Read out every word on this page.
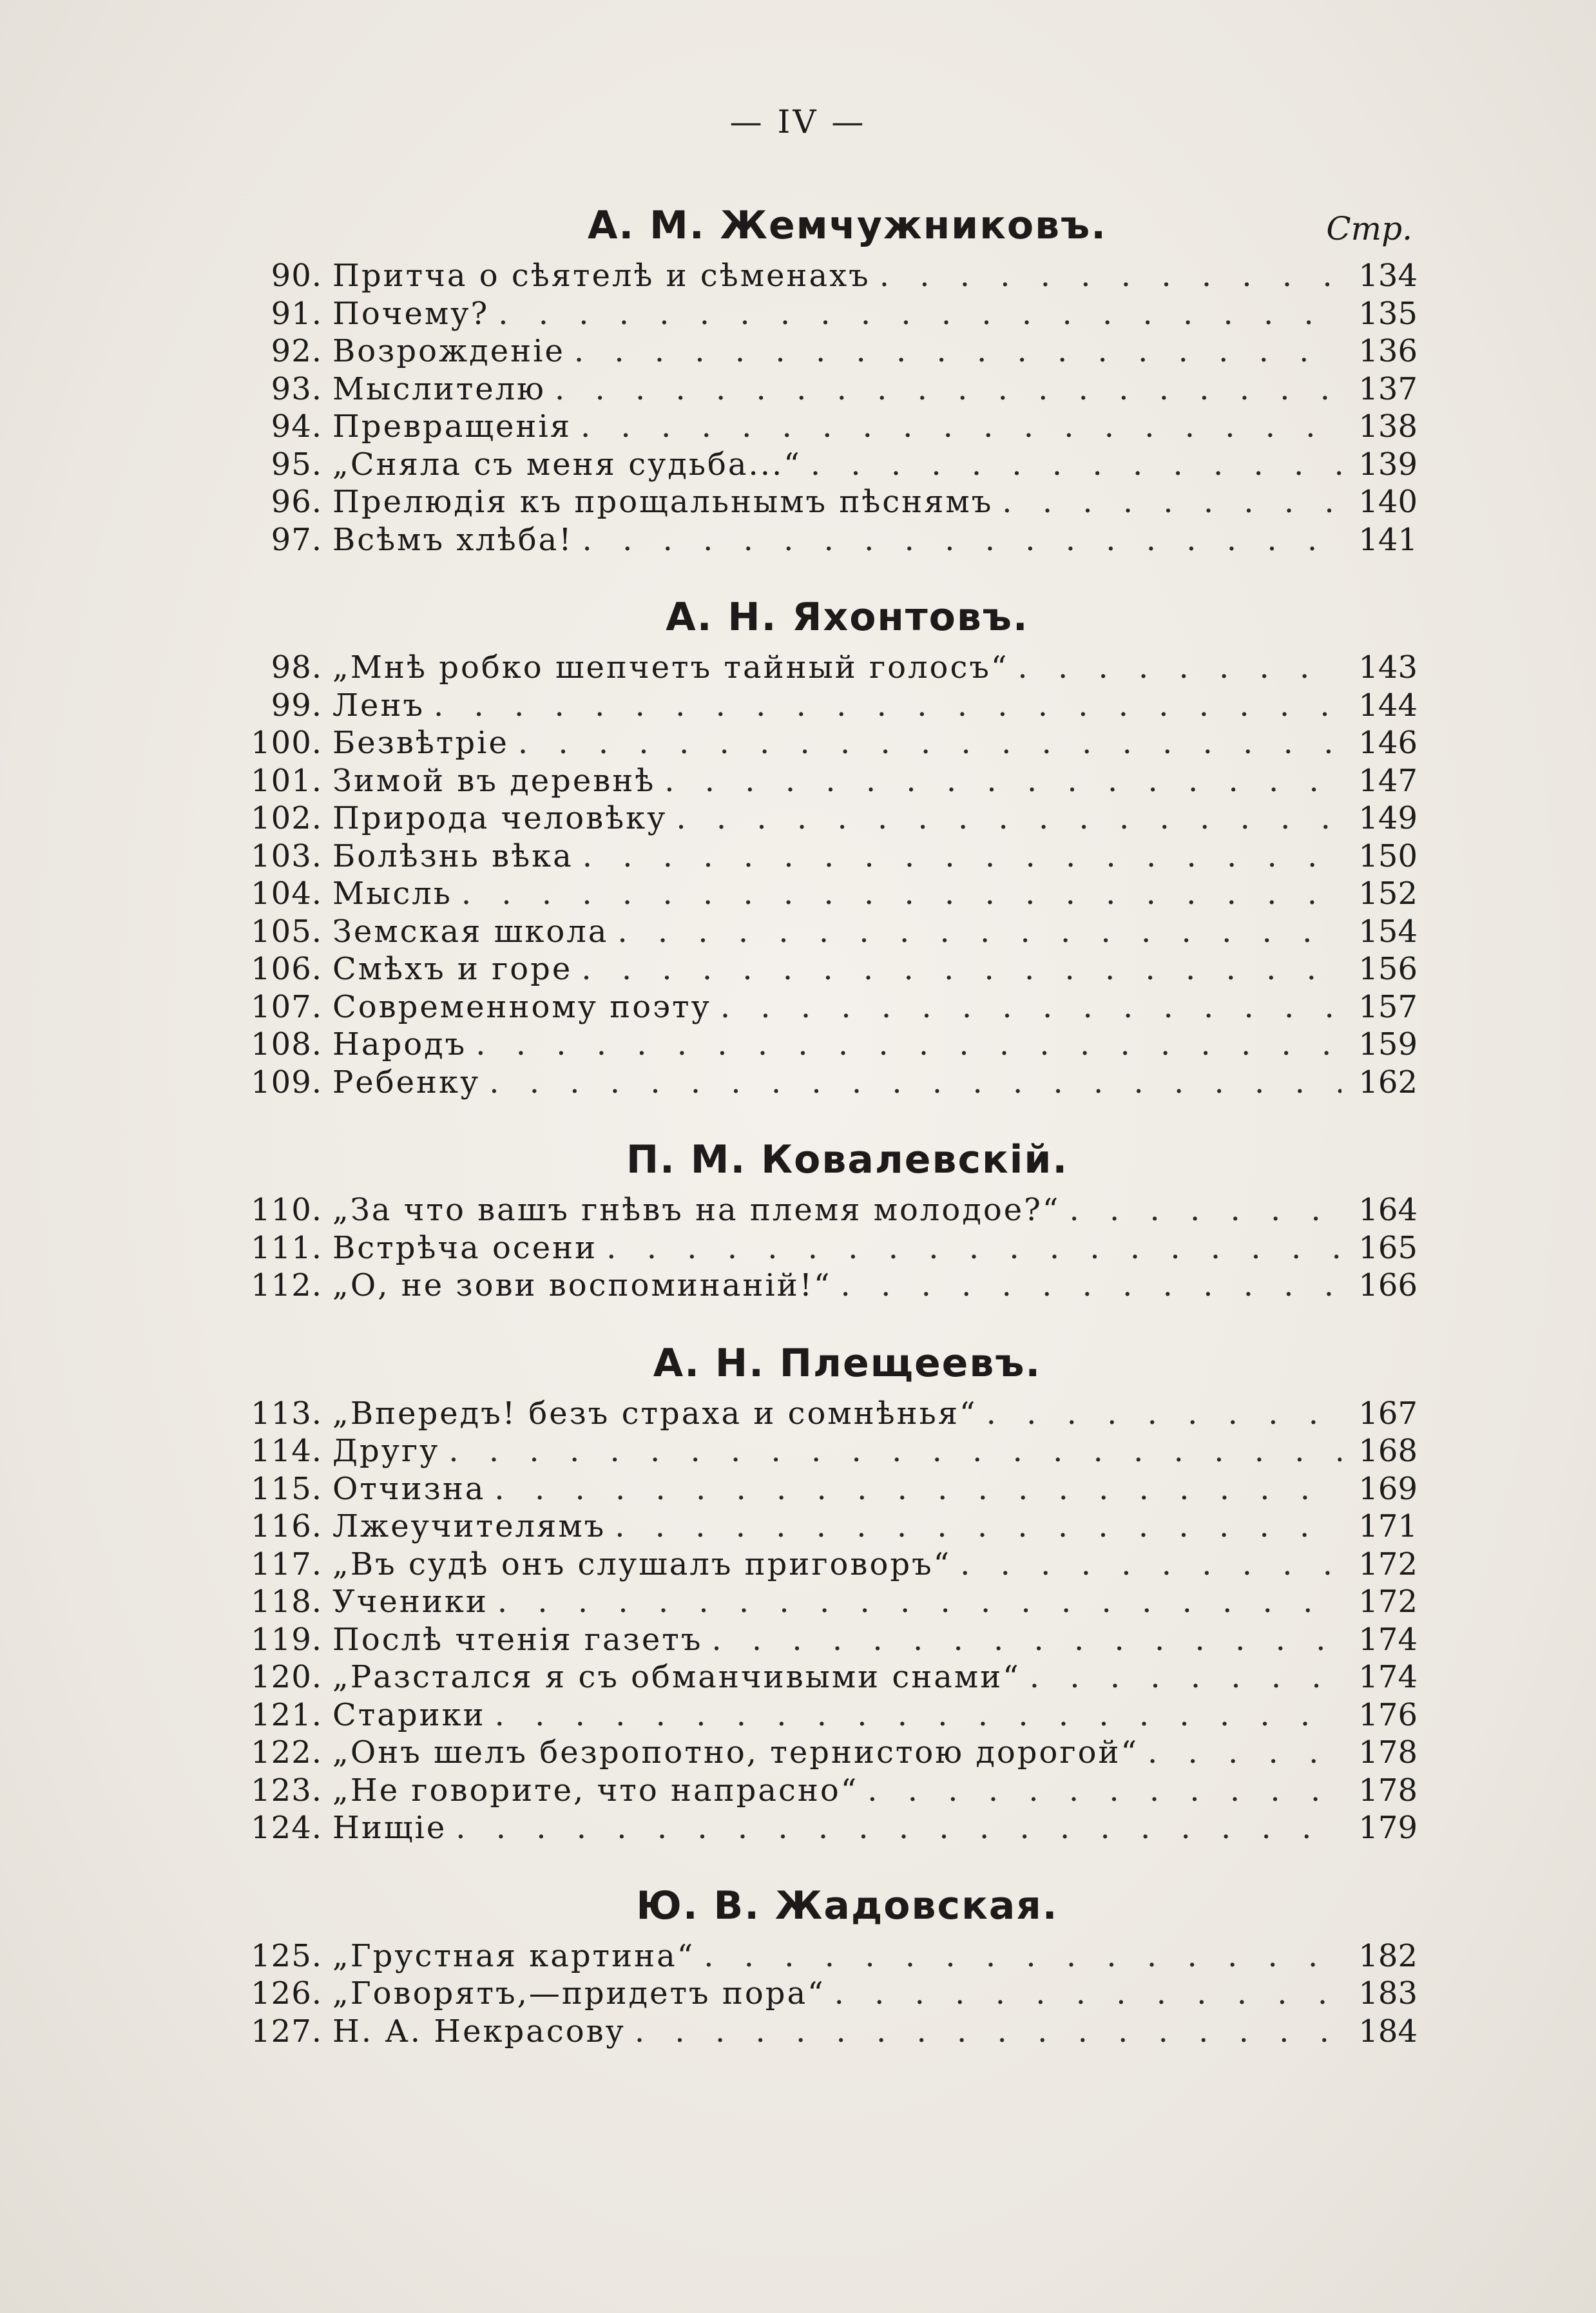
— IV —
А. М. Жемчужниковъ.	Стр.
90. Притча о сѣятелѣ и сѣменахъ . . .	134
91. Почему? . . .	135
92. Возрожденіе . . .	136
93. Мыслителю . . .	137
94. Превращенія . . .	138
95. „Сняла съ меня судьба...“ . . .	139
96. Прелюдія къ прощальнымъ пѣснямъ . . .	140
97. Всѣмъ хлѣба! . . .	141
А. Н. Яхонтовъ.
98. „Мнѣ робко шепчетъ тайный голосъ“ . . .	143
99. Ленъ . . .	144
100. Безвѣтріе . . .	146
101. Зимой въ деревнѣ . . .	147
102. Природа человѣку . . .	149
103. Болѣзнь вѣка . . .	150
104. Мысль . . .	152
105. Земская школа . . .	154
106. Смѣхъ и горе . . .	156
107. Современному поэту . . .	157
108. Народъ . . .	159
109. Ребенку . . .	162
П. М. Ковалевскій.
110. „За что вашъ гнѣвъ на племя молодое?“ . . .	164
111. Встрѣча осени . . .	165
112. „О, не зови воспоминаній!“ . . .	166
А. Н. Плещеевъ.
113. „Впередъ! безъ страха и сомнѣнья“ . . .	167
114. Другу . . .	168
115. Отчизна . . .	169
116. Лжеучителямъ . . .	171
117. „Въ судѣ онъ слушалъ приговоръ“ . . .	172
118. Ученики . . .	172
119. Послѣ чтенія газетъ . . .	174
120. „Разстался я съ обманчивыми снами“ . . .	174
121. Старики . . .	176
122. „Онъ шелъ безропотно, тернистою дорогой“ . . .	178
123. „Не говорите, что напрасно“ . . .	178
124. Нищіе . . .	179
Ю. В. Жадовская.
125. „Грустная картина“ . . .	182
126. „Говорятъ,—придетъ пора“ . . .	183
127. Н. А. Некрасову . . .	184
